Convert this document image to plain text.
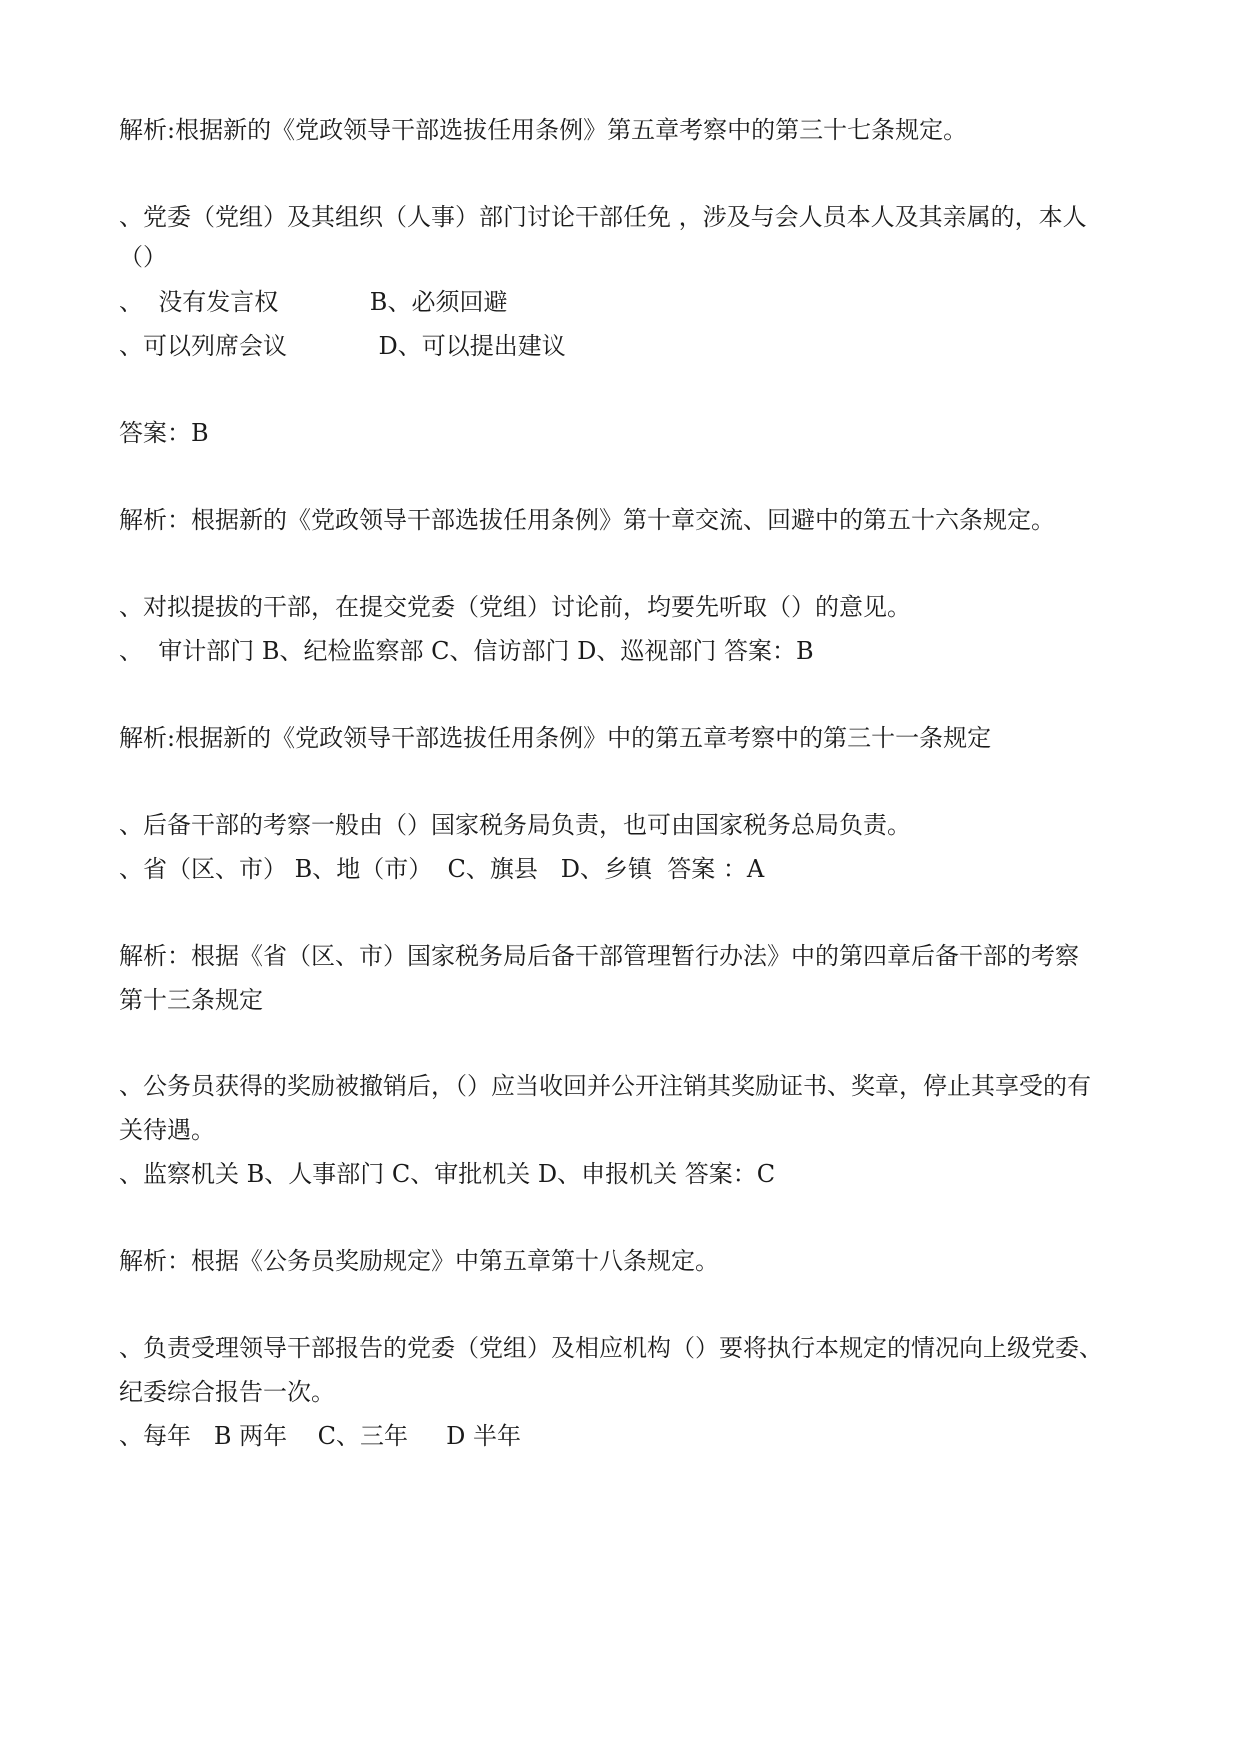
解析:根据新的《党政领导干部选拔任用条例》第五章考察中的第三十七条规定。

、党委（党组）及其组织（人事）部门讨论干部任免 ，涉及与会人员本人及其亲属的，本人

（）

、  没有发言权            B、必须回避

、可以列席会议            D、可以提出建议

答案：B

解析：根据新的《党政领导干部选拔任用条例》第十章交流、回避中的第五十六条规定。

、对拟提拔的干部，在提交党委（党组）讨论前，均要先听取（）的意见。

、  审计部门 B、纪检监察部 C、信访部门 D、巡视部门 答案：B

解析:根据新的《党政领导干部选拔任用条例》中的第五章考察中的第三十一条规定

、后备干部的考察一般由（）国家税务局负责，也可由国家税务总局负责。

、省（区、市） B、地（市）  C、旗县   D、乡镇  答案 ：A

解析：根据《省（区、市）国家税务局后备干部管理暂行办法》中的第四章后备干部的考察

第十三条规定

、公务员获得的奖励被撤销后，（）应当收回并公开注销其奖励证书、奖章，停止其享受的有

关待遇。

、监察机关 B、人事部门 C、审批机关 D、申报机关 答案：C

解析：根据《公务员奖励规定》中第五章第十八条规定。

、负责受理领导干部报告的党委（党组）及相应机构（）要将执行本规定的情况向上级党委、

纪委综合报告一次。

、每年   B 两年    C、三年     D 半年
